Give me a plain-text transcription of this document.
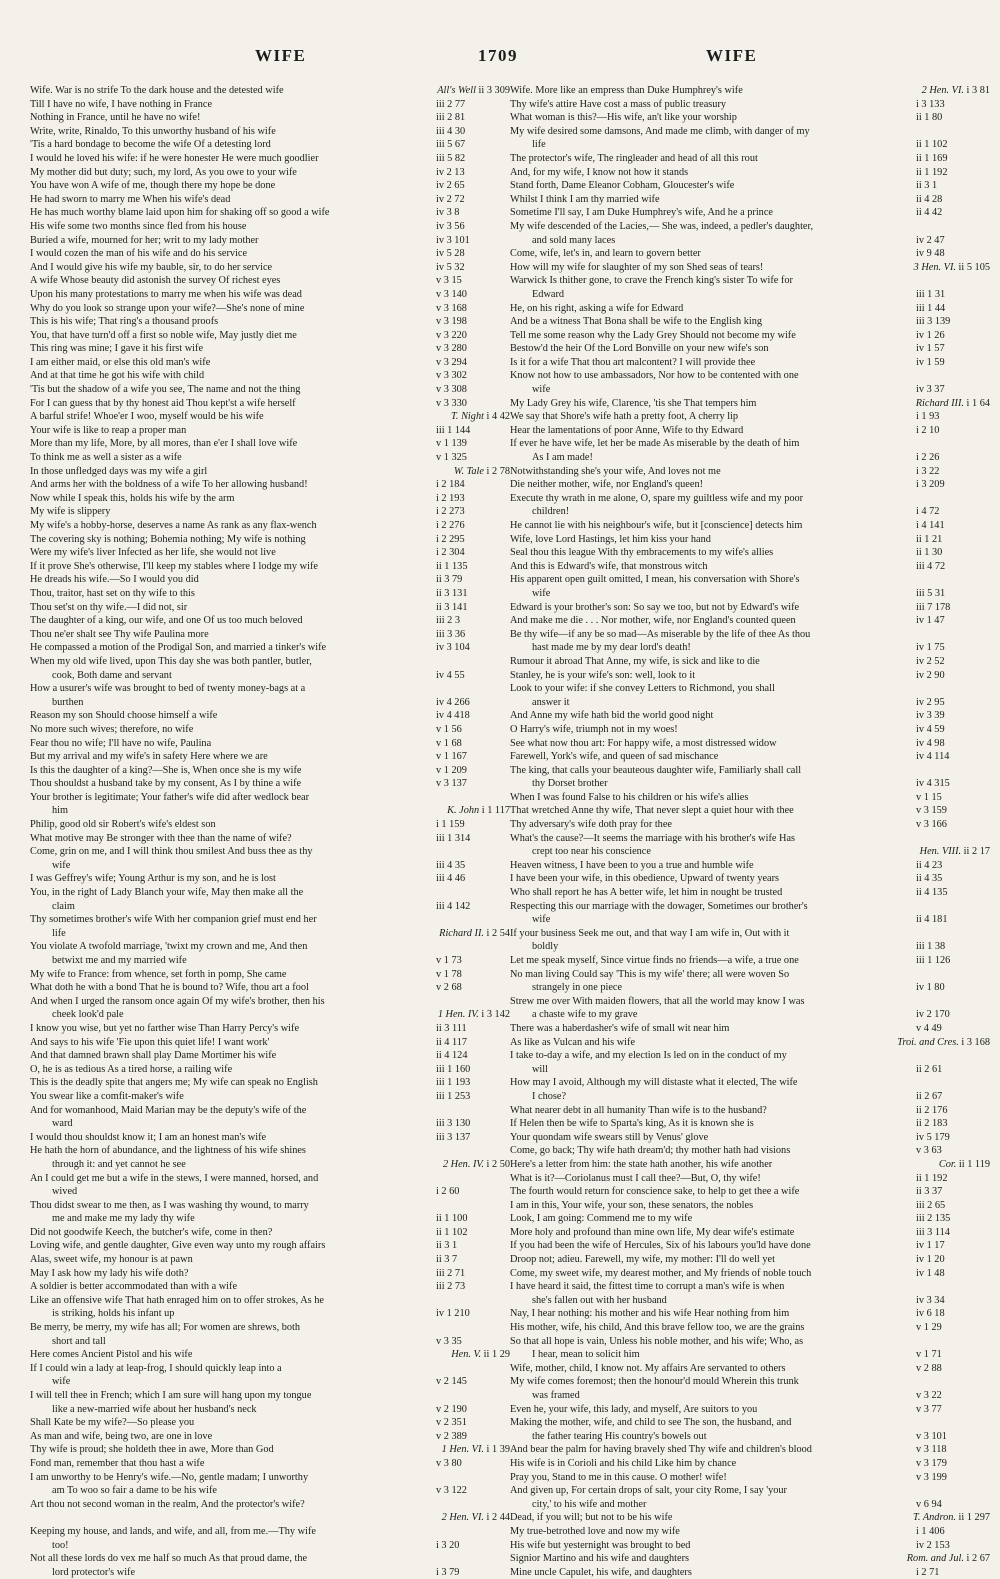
WIFE	1709	WIFE
Wife. War is no strife To the dark house and the detested wife	All's Well ii 3 309
Till I have no wife, I have nothing in France	iii 2 77
Nothing in France, until he have no wife!	iii 2 81
Write, write, Rinaldo, To this unworthy husband of his wife	iii 4 30
'Tis a hard bondage to become the wife Of a detesting lord	iii 5 67
I would he loved his wife: if he were honester He were much goodlier	iii 5 82
My mother did but duty; such, my lord, As you owe to your wife	iv 2 13
You have won A wife of me, though there my hope be done	iv 2 65
He had sworn to marry me When his wife's dead	iv 2 72
He has much worthy blame laid upon him for shaking off so good a wife	iv 3 8
His wife some two months since fled from his house	iv 3 56
Buried a wife, mourned for her; writ to my lady mother	iv 3 101
I would cozen the man of his wife and do his service	iv 5 28
And I would give his wife my bauble, sir, to do her service	iv 5 32
A wife Whose beauty did astonish the survey Of richest eyes	v 3 15
Upon his many protestations to marry me when his wife was dead	v 3 140
Why do you look so strange upon your wife?—She's none of mine	v 3 168
This is his wife; That ring's a thousand proofs	v 3 198
You, that have turn'd off a first so noble wife, May justly diet me	v 3 220
This ring was mine; I gave it his first wife	v 3 280
I am either maid, or else this old man's wife	v 3 294
And at that time he got his wife with child	v 3 302
'Tis but the shadow of a wife you see, The name and not the thing	v 3 308
For I can guess that by thy honest aid Thou kept'st a wife herself	v 3 330
A barful strife! Whoe'er I woo, myself would be his wife	T. Night i 4 42
Your wife is like to reap a proper man	iii 1 144
More than my life, More, by all mores, than e'er I shall love wife	v 1 139
To think me as well a sister as a wife	v 1 325
In those unfledged days was my wife a girl	W. Tale i 2 78
And arms her with the boldness of a wife To her allowing husband!	i 2 184
Now while I speak this, holds his wife by the arm	i 2 193
My wife is slippery	i 2 273
My wife's a hobby-horse, deserves a name As rank as any flax-wench	i 2 276
The covering sky is nothing; Bohemia nothing; My wife is nothing	i 2 295
Were my wife's liver Infected as her life, she would not live	i 2 304
If it prove She's otherwise, I'll keep my stables where I lodge my wife	ii 1 135
He dreads his wife.—So I would you did	ii 3 79
Thou, traitor, hast set on thy wife to this	ii 3 131
Thou set'st on thy wife.—I did not, sir	ii 3 141
The daughter of a king, our wife, and one Of us too much beloved	iii 2 3
Thou ne'er shalt see Thy wife Paulina more	iii 3 36
He compassed a motion of the Prodigal Son, and married a tinker's wife	iv 3 104
When my old wife lived, upon This day she was both pantler, butler,
cook, Both dame and servant	iv 4 55
How a usurer's wife was brought to bed of twenty money-bags at a
burthen	iv 4 266
Reason my son Should choose himself a wife	iv 4 418
No more such wives; therefore, no wife	v 1 56
Fear thou no wife; I'll have no wife, Paulina	v 1 68
But my arrival and my wife's in safety Here where we are	v 1 167
Is this the daughter of a king?—She is, When once she is my wife	v 1 209
Thou shouldst a husband take by my consent, As I by thine a wife	v 3 137
Your brother is legitimate; Your father's wife did after wedlock bear
him	K. John i 1 117
Philip, good old sir Robert's wife's eldest son	i 1 159
What motive may Be stronger with thee than the name of wife?	iii 1 314
Come, grin on me, and I will think thou smilest And buss thee as thy
wife	iii 4 35
I was Geffrey's wife; Young Arthur is my son, and he is lost	iii 4 46
You, in the right of Lady Blanch your wife, May then make all the
claim	iii 4 142
Thy sometimes brother's wife With her companion grief must end her
life	Richard II. i 2 54
You violate A twofold marriage, 'twixt my crown and me, And then
betwixt me and my married wife	v 1 73
My wife to France: from whence, set forth in pomp, She came	v 1 78
What doth he with a bond That he is bound to? Wife, thou art a fool	v 2 68
And when I urged the ransom once again Of my wife's brother, then his
cheek look'd pale	1 Hen. IV. i 3 142
I know you wise, but yet no farther wise Than Harry Percy's wife	ii 3 111
And says to his wife 'Fie upon this quiet life! I want work'	ii 4 117
And that damned brawn shall play Dame Mortimer his wife	ii 4 124
O, he is as tedious As a tired horse, a railing wife	iii 1 160
This is the deadly spite that angers me; My wife can speak no English	iii 1 193
You swear like a comfit-maker's wife	iii 1 253
And for womanhood, Maid Marian may be the deputy's wife of the
ward	iii 3 130
I would thou shouldst know it; I am an honest man's wife	iii 3 137
He hath the horn of abundance, and the lightness of his wife shines
through it: and yet cannot he see	2 Hen. IV. i 2 50
An I could get me but a wife in the stews, I were manned, horsed, and
wived	i 2 60
Thou didst swear to me then, as I was washing thy wound, to marry
me and make me my lady thy wife	ii 1 100
Did not goodwife Keech, the butcher's wife, come in then?	ii 1 102
Loving wife, and gentle daughter, Give even way unto my rough affairs	ii 3 1
Alas, sweet wife, my honour is at pawn	ii 3 7
May I ask how my lady his wife doth?	iii 2 71
A soldier is better accommodated than with a wife	iii 2 73
Like an offensive wife That hath enraged him on to offer strokes, As he
is striking, holds his infant up	iv 1 210
Be merry, be merry, my wife has all; For women are shrews, both
short and tall	v 3 35
Here comes Ancient Pistol and his wife	Hen. V. ii 1 29
If I could win a lady at leap-frog, I should quickly leap into a
wife	v 2 145
I will tell thee in French; which I am sure will hang upon my tongue
like a new-married wife about her husband's neck	v 2 190
Shall Kate be my wife?—So please you	v 2 351
As man and wife, being two, are one in love	v 2 389
Thy wife is proud; she holdeth thee in awe, More than God	1 Hen. VI. i 1 39
Fond man, remember that thou hast a wife	v 3 80
I am unworthy to be Henry's wife.—No, gentle madam; I unworthy
am To woo so fair a dame to be his wife	v 3 122
Art thou not second woman in the realm, And the protector's wife?
2 Hen. VI. i 2 44
Keeping my house, and lands, and wife, and all, from me.—Thy wife
too!	i 3 20
Not all these lords do vex me half so much As that proud dame, the
lord protector's wife	i 3 79
Wife. More like an empress than Duke Humphrey's wife	2 Hen. VI. i 3 81
Thy wife's attire Have cost a mass of public treasury	i 3 133
What woman is this?—His wife, an't like your worship	ii 1 80
My wife desired some damsons, And made me climb, with danger of my
life	ii 1 102
The protector's wife, The ringleader and head of all this rout	ii 1 169
And, for my wife, I know not how it stands	ii 1 192
Stand forth, Dame Eleanor Cobham, Gloucester's wife	ii 3 1
Whilst I think I am thy married wife	ii 4 28
Sometime I'll say, I am Duke Humphrey's wife, And he a prince	ii 4 42
My wife descended of the Lacies,— She was, indeed, a pedler's daughter,
and sold many laces	iv 2 47
Come, wife, let's in, and learn to govern better	iv 9 48
How will my wife for slaughter of my son Shed seas of tears!	3 Hen. VI. ii 5 105
Warwick Is thither gone, to crave the French king's sister To wife for
Edward	iii 1 31
He, on his right, asking a wife for Edward	iii 1 44
And be a witness That Bona shall be wife to the English king	iii 3 139
Tell me some reason why the Lady Grey Should not become my wife	iv 1 26
Bestow'd the heir Of the Lord Bonville on your new wife's son	iv 1 57
Is it for a wife That thou art malcontent? I will provide thee	iv 1 59
Know not how to use ambassadors, Nor how to be contented with one
wife	iv 3 37
My Lady Grey his wife, Clarence, 'tis she That tempers him	Richard III. i 1 64
We say that Shore's wife hath a pretty foot, A cherry lip	i 1 93
Hear the lamentations of poor Anne, Wife to thy Edward	i 2 10
If ever he have wife, let her be made As miserable by the death of him
As I am made!	i 2 26
Notwithstanding she's your wife, And loves not me	i 3 22
Die neither mother, wife, nor England's queen!	i 3 209
Execute thy wrath in me alone, O, spare my guiltless wife and my poor
children!	i 4 72
He cannot lie with his neighbour's wife, but it [conscience] detects him	i 4 141
Wife, love Lord Hastings, let him kiss your hand	ii 1 21
Seal thou this league With thy embracements to my wife's allies	ii 1 30
And this is Edward's wife, that monstrous witch	iii 4 72
His apparent open guilt omitted, I mean, his conversation with Shore's
wife	iii 5 31
Edward is your brother's son: So say we too, but not by Edward's wife	iii 7 178
And make me die . . . Nor mother, wife, nor England's counted queen	iv 1 47
Be thy wife—if any be so mad—As miserable by the life of thee As thou
hast made me by my dear lord's death!	iv 1 75
Rumour it abroad That Anne, my wife, is sick and like to die	iv 2 52
Stanley, he is your wife's son: well, look to it	iv 2 90
Look to your wife: if she convey Letters to Richmond, you shall
answer it	iv 2 95
And Anne my wife hath bid the world good night	iv 3 39
O Harry's wife, triumph not in my woes!	iv 4 59
See what now thou art: For happy wife, a most distressed widow	iv 4 98
Farewell, York's wife, and queen of sad mischance	iv 4 114
The king, that calls your beauteous daughter wife, Familiarly shall call
thy Dorset brother	iv 4 315
When I was found False to his children or his wife's allies	v 1 15
That wretched Anne thy wife, That never slept a quiet hour with thee	v 3 159
Thy adversary's wife doth pray for thee	v 3 166
What's the cause?—It seems the marriage with his brother's wife Has
crept too near his conscience	Hen. VIII. ii 2 17
Heaven witness, I have been to you a true and humble wife	ii 4 23
I have been your wife, in this obedience, Upward of twenty years	ii 4 35
Who shall report he has A better wife, let him in nought be trusted	ii 4 135
Respecting this our marriage with the dowager, Sometimes our brother's
wife	ii 4 181
If your business Seek me out, and that way I am wife in, Out with it
boldly	iii 1 38
Let me speak myself, Since virtue finds no friends—a wife, a true one	iii 1 126
No man living Could say 'This is my wife' there; all were woven So
strangely in one piece	iv 1 80
Strew me over With maiden flowers, that all the world may know I was
a chaste wife to my grave	iv 2 170
There was a haberdasher's wife of small wit near him	v 4 49
As like as Vulcan and his wife	Troi. and Cres. i 3 168
I take to-day a wife, and my election Is led on in the conduct of my
will	ii 2 61
How may I avoid, Although my will distaste what it elected, The wife
I chose?	ii 2 67
What nearer debt in all humanity Than wife is to the husband?	ii 2 176
If Helen then be wife to Sparta's king, As it is known she is	ii 2 183
Your quondam wife swears still by Venus' glove	iv 5 179
Come, go back; Thy wife hath dream'd; thy mother hath had visions	v 3 63
Here's a letter from him: the state hath another, his wife another	Cor. ii 1 119
What is it?—Coriolanus must I call thee?—But, O, thy wife!	ii 1 192
The fourth would return for conscience sake, to help to get thee a wife	ii 3 37
I am in this, Your wife, your son, these senators, the nobles	iii 2 65
Look, I am going: Commend me to my wife	iii 2 135
More holy and profound than mine own life, My dear wife's estimate	iii 3 114
If you had been the wife of Hercules, Six of his labours you'ld have done	iv 1 17
Droop not; adieu. Farewell, my wife, my mother: I'll do well yet	iv 1 20
Come, my sweet wife, my dearest mother, and My friends of noble touch	iv 1 48
I have heard it said, the fittest time to corrupt a man's wife is when
she's fallen out with her husband	iv 3 34
Nay, I hear nothing: his mother and his wife Hear nothing from him	iv 6 18
His mother, wife, his child, And this brave fellow too, we are the grains	v 1 29
So that all hope is vain, Unless his noble mother, and his wife; Who, as
I hear, mean to solicit him	v 1 71
Wife, mother, child, I know not. My affairs Are servanted to others	v 2 88
My wife comes foremost; then the honour'd mould Wherein this trunk
was framed	v 3 22
Even he, your wife, this lady, and myself, Are suitors to you	v 3 77
Making the mother, wife, and child to see The son, the husband, and
the father tearing His country's bowels out	v 3 101
And bear the palm for having bravely shed Thy wife and children's blood	v 3 118
His wife is in Corioli and his child Like him by chance	v 3 179
Pray you, Stand to me in this cause. O mother! wife!	v 3 199
And given up, For certain drops of salt, your city Rome, I say 'your
city,' to his wife and mother	v 6 94
Dead, if you will; but not to be his wife	T. Andron. ii 1 297
My true-betrothed love and now my wife	i 1 406
His wife but yesternight was brought to bed	iv 2 153
Signior Martino and his wife and daughters	Rom. and Jul. i 2 67
Mine uncle Capulet, his wife, and daughters	i 2 71
